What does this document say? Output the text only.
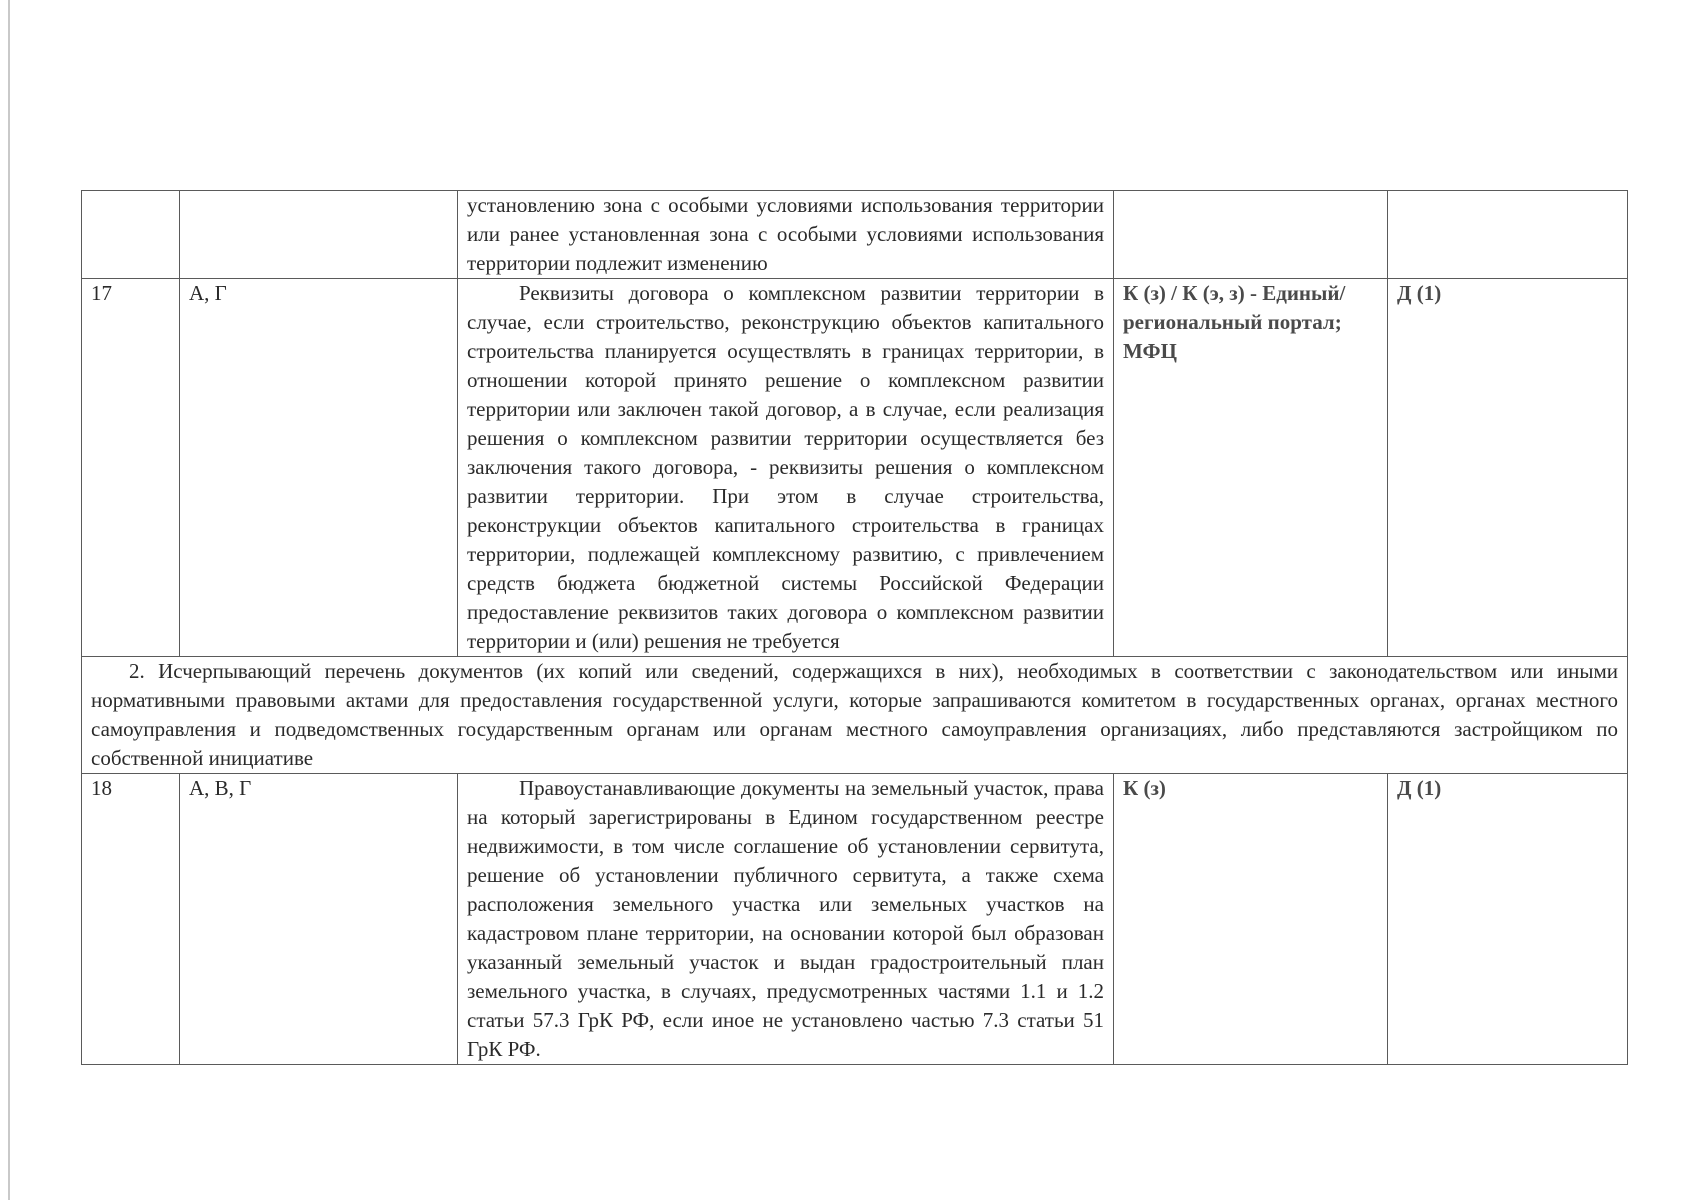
		установлению зона с особыми условиями использования территории или ранее установленная зона с особыми условиями использования территории подлежит изменению		
17	А, Г	Реквизиты договора о комплексном развитии территории в случае, если строительство, реконструкцию объектов капитального строительства планируется осуществлять в границах территории, в отношении которой принято решение о комплексном развитии территории или заключен такой договор, а в случае, если реализация решения о комплексном развитии территории осуществляется без заключения такого договора, - реквизиты решения о комплексном развитии территории. При этом в случае строительства, реконструкции объектов капитального строительства в границах территории, подлежащей комплексному развитию, с привлечением средств бюджета бюджетной системы Российской Федерации предоставление реквизитов таких договора о комплексном развитии территории и (или) решения не требуется	К (з) / К (э, з) - Единый/региональный портал; МФЦ	Д (1)
2. Исчерпывающий перечень документов (их копий или сведений, содержащихся в них), необходимых в соответствии с законодательством или иными нормативными правовыми актами для предоставления государственной услуги, которые запрашиваются комитетом в государственных органах, органах местного самоуправления и подведомственных государственным органам или органам местного самоуправления организациях, либо представляются застройщиком по собственной инициативе				
18	А, В, Г	Правоустанавливающие документы на земельный участок, права на который зарегистрированы в Едином государственном реестре недвижимости, в том числе соглашение об установлении сервитута, решение об установлении публичного сервитута, а также схема расположения земельного участка или земельных участков на кадастровом плане территории, на основании которой был образован указанный земельный участок и выдан градостроительный план земельного участка, в случаях, предусмотренных частями 1.1 и 1.2 статьи 57.3 ГрК РФ, если иное не установлено частью 7.3 статьи 51 ГрК РФ.	К (з)	Д (1)
